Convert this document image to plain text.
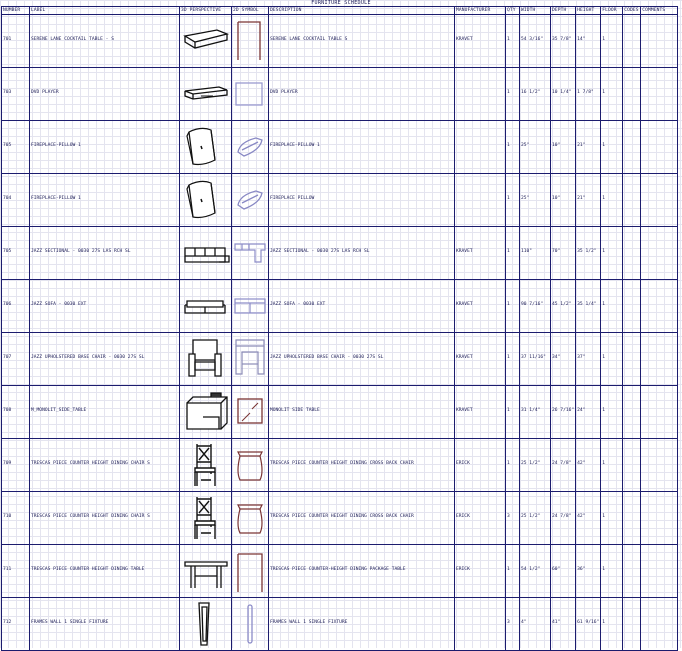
FURNITURE SCHEDULE
NUMBER	LABEL	3D PERSPECTIVE	2D SYMBOL	DESCRIPTION	MANUFACTURER	QTY	WIDTH	DEPTH	HEIGHT	FLOOR	CODES	COMMENTS
701	SERENE LANE COCKTAIL TABLE - S			SERENE LANE COCKTAIL TABLE S	KRAVET	1	54 3/16"	35 7/8"	14"	1		
703	DVD PLAYER			DVD PLAYER		1	16 1/2"	10 1/4"	1 7/8"	1		
705	FIREPLACE-PILLOW 1			FIREPLACE-PILLOW 1		1	25"	10"	21"	1		
704	FIREPLACE-PILLOW 1			FIREPLACE PILLOW		1	25"	10"	21"	1		
705	JAZZ SECTIONAL - 0030 27S LAS RCH SL			JAZZ SECTIONAL - 0030 27S LAS RCH SL	KRAVET	1	110"	70"	35 1/2"	1		
706	JAZZ SOFA - 0030 EXT			JAZZ SOFA - 0030 EXT	KRAVET	1	90 7/16"	45 1/2"	35 1/4"	1		
707	JAZZ UPHOLSTERED BASE CHAIR - 0030 27S SL			JAZZ UPHOLSTERED BASE CHAIR - 0030 27S SL	KRAVET	1	37 11/16"	34"	37"	1		
708	M_MONOLIT_SIDE_TABLE			MONOLIT SIDE TABLE	KRAVET	1	31 1/4"	26 7/16"	24"	1		
709	TRESCAS PIECE COUNTER HEIGHT DINING CHAIR S			TRESCAS PIECE COUNTER HEIGHT DINING CROSS BACK CHAIR	ERICK	1	25 1/2"	24 7/8"	42"	1		
710	TRESCAS PIECE COUNTER HEIGHT DINING CHAIR S			TRESCAS PIECE COUNTER HEIGHT DINING CROSS BACK CHAIR	ERICK	3	25 1/2"	24 7/8"	42"	1		
711	TRESCAS PIECE COUNTER HEIGHT DINING TABLE			TRESCAS PIECE COUNTER-HEIGHT DINING PACKAGE TABLE	ERICK	1	54 1/2"	60"	36"	1		
712	FRAMES WALL 1 SINGLE FIXTURE			FRAMES WALL 1 SINGLE FIXTURE		3	4"	41"	61 9/16"	1		
